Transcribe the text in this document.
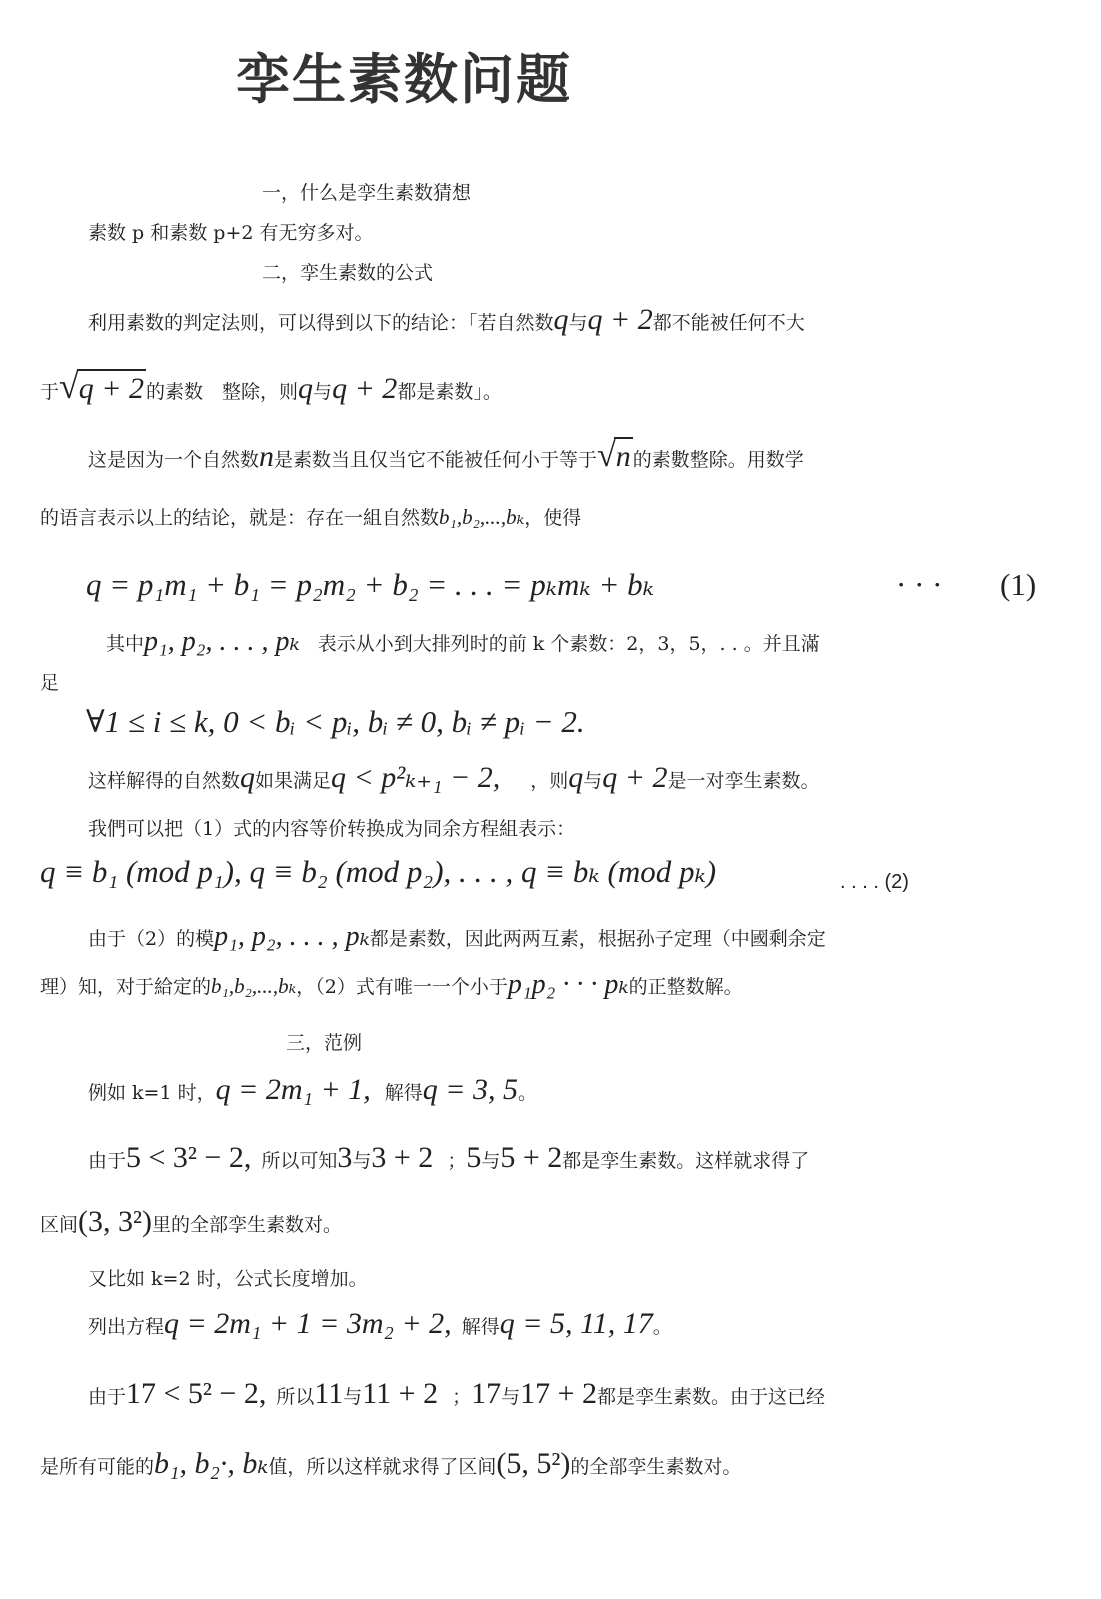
孪生素数问题
一，什么是孪生素数猜想
素数 p 和素数 p+2 有无穷多对。
二，孪生素数的公式
利用素数的判定法则，可以得到以下的结论：「若自然数q与q + 2都不能被任何不大
于√q + 2 的素数　整除，则q与q + 2都是素数」。
这是因为一个自然数n是素数当且仅当它不能被任何小于等于√n 的素數整除。用数学
的语言表示以上的结论，就是：存在一組自然数b₁,b₂,...,bₖ，使得
q = p₁m₁ + b₁ = p₂m₂ + b₂ = . . . = pₖmₖ + bₖ	· · · (1)
其中p₁, p₂, . . . , pₖ 表示从小到大排列时的前 k 个素数：2，3，5，. . 。并且滿
足
∀1 ≤ i ≤ k, 0 < bᵢ < pᵢ, bᵢ ≠ 0, bᵢ ≠ pᵢ − 2.
这样解得的自然数q如果满足q < p²ₖ₊₁ − 2, ，则q与q + 2是一对孪生素数。
我們可以把（1）式的内容等价转换成为同余方程組表示：
q ≡ b₁ (mod p₁), q ≡ b₂ (mod p₂), . . . , q ≡ bₖ (mod pₖ)	. . . . (2)
由于（2）的模p₁, p₂, . . . , pₖ都是素数，因此两两互素，根据孙子定理（中國剩余定
理）知，对于給定的b₁,b₂,...,bₖ，（2）式有唯一一个小于p₁p₂ · · · pₖ的正整数解。
三，范例
例如 k=1 时，q = 2m₁ + 1, 解得q = 3, 5。
由于5 < 3² − 2, 所以可知3与3 + 2 ；5与5 + 2都是孪生素数。这样就求得了
区间(3, 3²)里的全部孪生素数对。
又比如 k=2 时，公式长度增加。
列出方程q = 2m₁ + 1 = 3m₂ + 2, 解得q = 5, 11, 17。
由于17 < 5² − 2, 所以11与11 + 2 ；17与17 + 2都是孪生素数。由于这已经
是所有可能的b₁, b₂·, bₖ值，所以这样就求得了区间(5, 5²)的全部孪生素数对。
